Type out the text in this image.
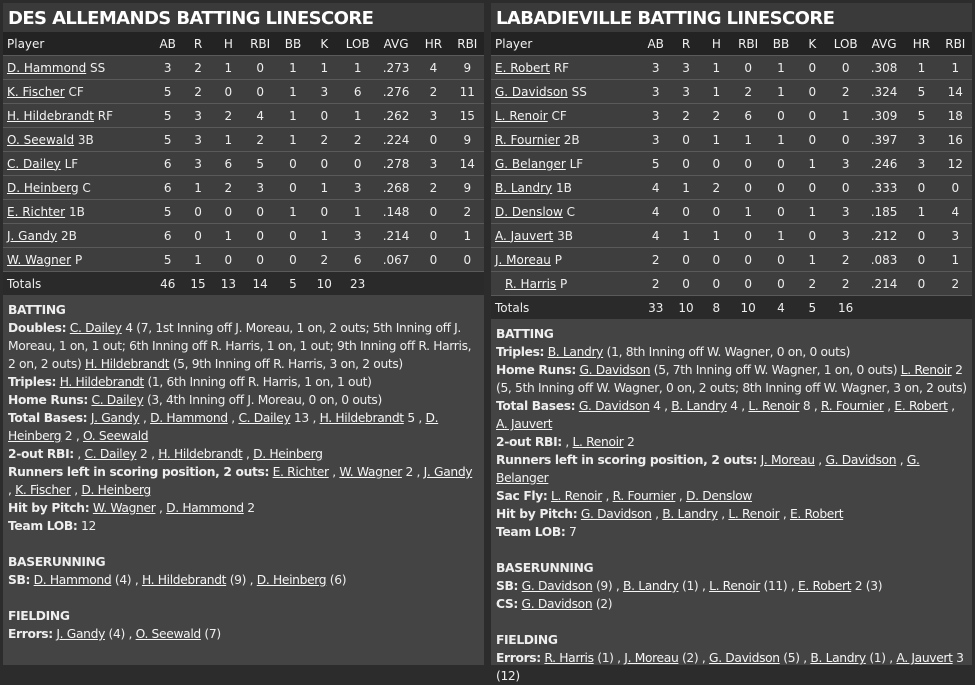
DES ALLEMANDS BATTING LINESCORE
Player	AB	R	H	RBI	BB	K	LOB	AVG	HR	RBI
D. Hammond SS	3	2	1	0	1	1	1	.273	4	9
K. Fischer CF	5	2	0	0	1	3	6	.276	2	11
H. Hildebrandt RF	5	3	2	4	1	0	1	.262	3	15
O. Seewald 3B	5	3	1	2	1	2	2	.224	0	9
C. Dailey LF	6	3	6	5	0	0	0	.278	3	14
D. Heinberg C	6	1	2	3	0	1	3	.268	2	9
E. Richter 1B	5	0	0	0	1	0	1	.148	0	2
J. Gandy 2B	6	0	1	0	0	1	3	.214	0	1
W. Wagner P	5	1	0	0	0	2	6	.067	0	0
Totals	46	15	13	14	5	10	23			
BATTING
Doubles: C. Dailey 4 (7, 1st Inning off J. Moreau, 1 on, 2 outs; 5th Inning off J. Moreau, 1 on, 1 out; 6th Inning off R. Harris, 1 on, 1 out; 9th Inning off R. Harris, 2 on, 2 outs) H. Hildebrandt (5, 9th Inning off R. Harris, 3 on, 2 outs)
Triples: H. Hildebrandt (1, 6th Inning off R. Harris, 1 on, 1 out)
Home Runs: C. Dailey (3, 4th Inning off J. Moreau, 0 on, 0 outs)
Total Bases: J. Gandy , D. Hammond , C. Dailey 13 , H. Hildebrandt 5 , D. Heinberg 2 , O. Seewald
2-out RBI: , C. Dailey 2 , H. Hildebrandt , D. Heinberg
Runners left in scoring position, 2 outs: E. Richter , W. Wagner 2 , J. Gandy , K. Fischer , D. Heinberg
Hit by Pitch: W. Wagner , D. Hammond 2
Team LOB: 12
BASERUNNING
SB: D. Hammond (4) , H. Hildebrandt (9) , D. Heinberg (6)
FIELDING
Errors: J. Gandy (4) , O. Seewald (7)
LABADIEVILLE BATTING LINESCORE
Player	AB	R	H	RBI	BB	K	LOB	AVG	HR	RBI
E. Robert RF	3	3	1	0	1	0	0	.308	1	1
G. Davidson SS	3	3	1	2	1	0	2	.324	5	14
L. Renoir CF	3	2	2	6	0	0	1	.309	5	18
R. Fournier 2B	3	0	1	1	1	0	0	.397	3	16
G. Belanger LF	5	0	0	0	0	1	3	.246	3	12
B. Landry 1B	4	1	2	0	0	0	0	.333	0	0
D. Denslow C	4	0	0	1	0	1	3	.185	1	4
A. Jauvert 3B	4	1	1	0	1	0	3	.212	0	3
J. Moreau P	2	0	0	0	0	1	2	.083	0	1
R. Harris P	2	0	0	0	0	2	2	.214	0	2
Totals	33	10	8	10	4	5	16			
BATTING
Triples: B. Landry (1, 8th Inning off W. Wagner, 0 on, 0 outs)
Home Runs: G. Davidson (5, 7th Inning off W. Wagner, 1 on, 0 outs) L. Renoir 2 (5, 5th Inning off W. Wagner, 0 on, 2 outs; 8th Inning off W. Wagner, 3 on, 2 outs)
Total Bases: G. Davidson 4 , B. Landry 4 , L. Renoir 8 , R. Fournier , E. Robert , A. Jauvert
2-out RBI: , L. Renoir 2
Runners left in scoring position, 2 outs: J. Moreau , G. Davidson , G. Belanger
Sac Fly: L. Renoir , R. Fournier , D. Denslow
Hit by Pitch: G. Davidson , B. Landry , L. Renoir , E. Robert
Team LOB: 7
BASERUNNING
SB: G. Davidson (9) , B. Landry (1) , L. Renoir (11) , E. Robert 2 (3)
CS: G. Davidson (2)
FIELDING
Errors: R. Harris (1) , J. Moreau (2) , G. Davidson (5) , B. Landry (1) , A. Jauvert 3 (12)
